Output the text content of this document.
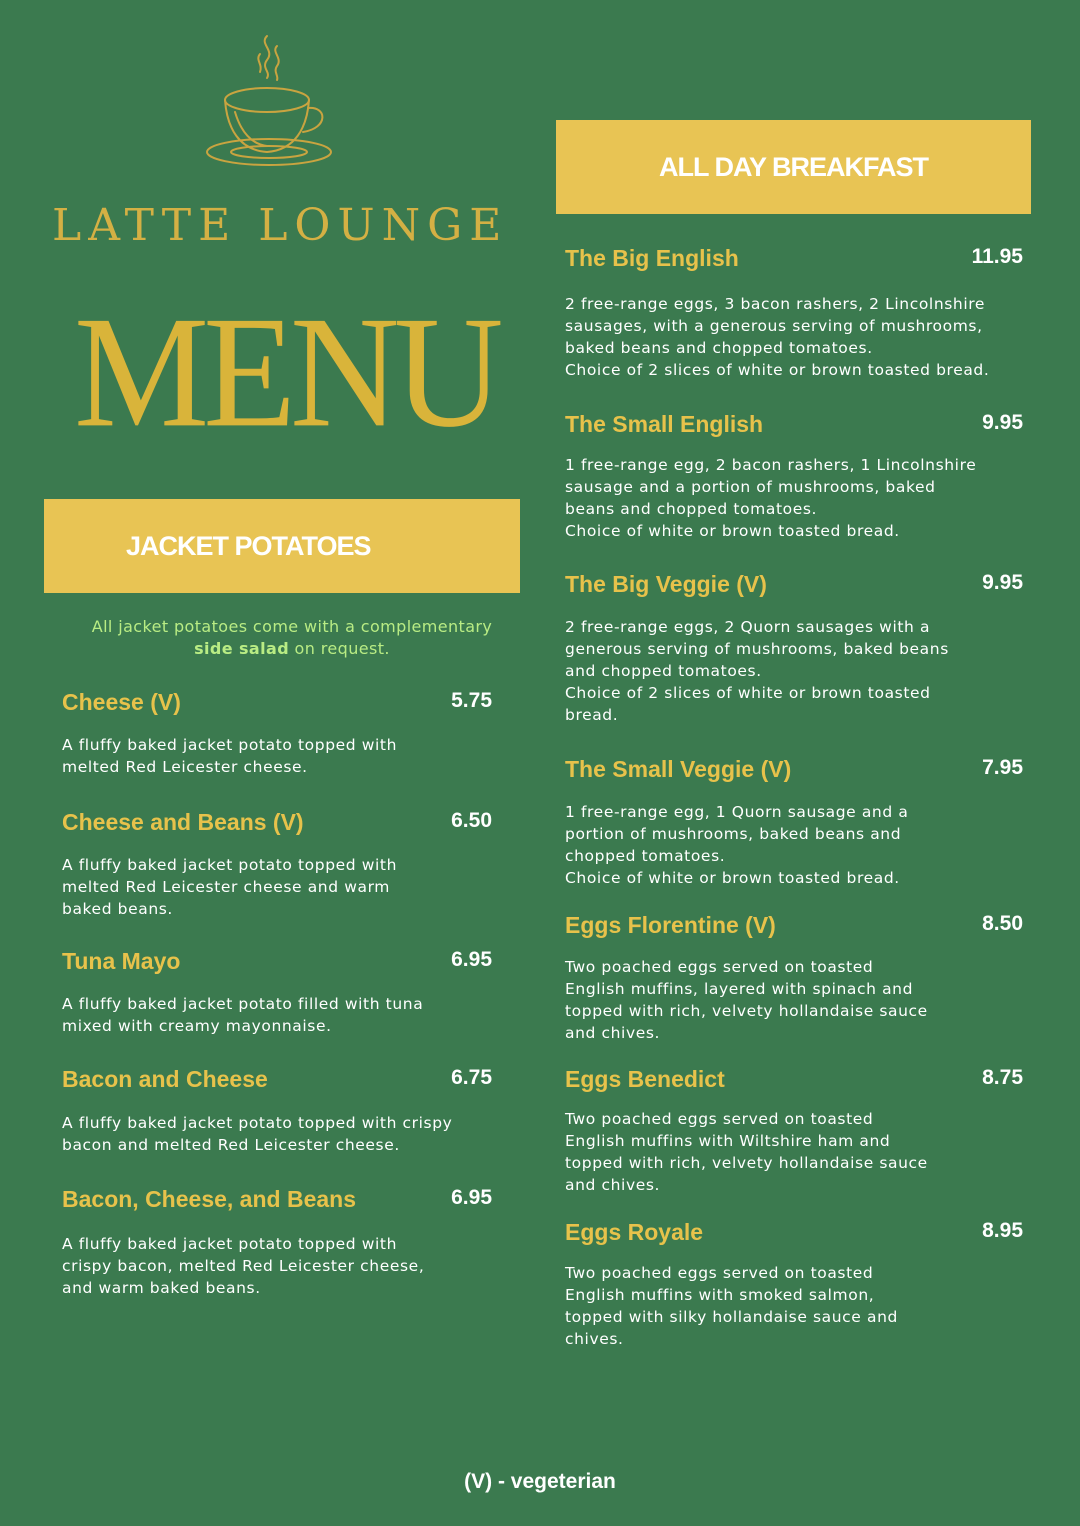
LATTE LOUNGE
MENU
JACKET POTATOES
All jacket potatoes come with a complementary
side salad on request.
Cheese (V)	5.75
A fluffy baked jacket potato topped with
melted Red Leicester cheese.
Cheese and Beans (V)	6.50
A fluffy baked jacket potato topped with
melted Red Leicester cheese and warm
baked beans.
Tuna Mayo	6.95
A fluffy baked jacket potato filled with tuna
mixed with creamy mayonnaise.
Bacon and Cheese	6.75
A fluffy baked jacket potato topped with crispy
bacon and melted Red Leicester cheese.
Bacon, Cheese, and Beans	6.95
A fluffy baked jacket potato topped with
crispy bacon, melted Red Leicester cheese,
and warm baked beans.
ALL DAY BREAKFAST
The Big English	11.95
2 free-range eggs, 3 bacon rashers, 2 Lincolnshire
sausages, with a generous serving of mushrooms,
baked beans and chopped tomatoes.
Choice of 2 slices of white or brown toasted bread.
The Small English	9.95
1 free-range egg, 2 bacon rashers, 1 Lincolnshire
sausage and a portion of mushrooms, baked
beans and chopped tomatoes.
Choice of white or brown toasted bread.
The Big Veggie (V)	9.95
2 free-range eggs, 2 Quorn sausages with a
generous serving of mushrooms, baked beans
and chopped tomatoes.
Choice of 2 slices of white or brown toasted
bread.
The Small Veggie (V)	7.95
1 free-range egg, 1 Quorn sausage and a
portion of mushrooms, baked beans and
chopped tomatoes.
Choice of white or brown toasted bread.
Eggs Florentine (V)	8.50
Two poached eggs served on toasted
English muffins, layered with spinach and
topped with rich, velvety hollandaise sauce
and chives.
Eggs Benedict	8.75
Two poached eggs served on toasted
English muffins with Wiltshire ham and
topped with rich, velvety hollandaise sauce
and chives.
Eggs Royale	8.95
Two poached eggs served on toasted
English muffins with smoked salmon,
topped with silky hollandaise sauce and
chives.
(V) - vegeterian
